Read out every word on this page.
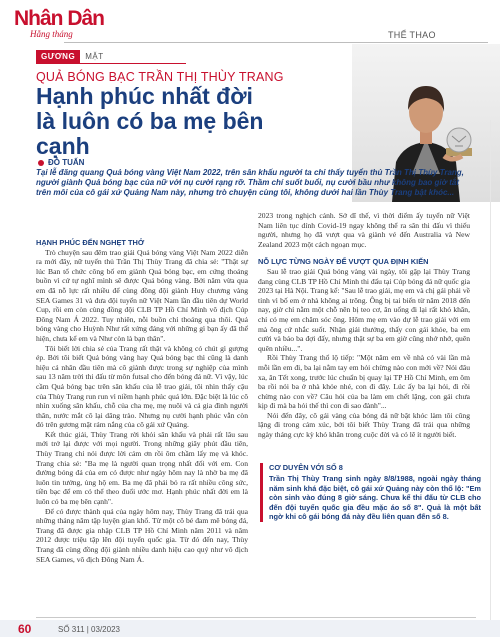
Nhân Dân
Hằng tháng	THỂ THAO
GƯƠNG	MẶT
QUẢ BÓNG BẠC TRẦN THỊ THÙY TRANG
Hạnh phúc nhất đời
là luôn có ba mẹ bên cạnh
ĐỖ TUẤN
Tại lễ đăng quang Quả bóng vàng Việt Nam 2022, trên sân khấu người ta chỉ thấy tuyển thủ Trần Thị Thùy Trang, người giành Quả bóng bạc của nữ với nụ cười rạng rỡ. Thầm chí suốt buổi, nụ cười bầu như không bao giờ tắt trên môi của cô gái xứ Quảng Nam này, nhưng trò chuyện cùng tôi, không dưới hai lần Thùy Trang bật khóc...

HẠNH PHÚC ĐẾN NGHẸT THỞ

Trò chuyện sau đêm trao giải Quả bóng vàng Việt Nam 2022 diễn ra mới đây, nữ tuyển thủ Trần Thị Thùy Trang đã chia sẻ: "Thật sự lúc Ban tổ chức công bố em giành Quả bóng bạc, em cứng thoảng buồn vì cứ tự nghĩ mình sẽ được Quả bóng vàng. Bởi năm vừa qua em đã nỗ lực rất nhiều để cùng đồng đội giành Huy chương vàng SEA Games 31 và đưa đội tuyển nữ Việt Nam lần đầu tiên dự World Cup, rồi em còn cùng đồng đội CLB TP Hồ Chí Minh vô địch Cúp Đông Nam Á 2022. Tuy nhiên, nỗi buồn chỉ thoáng qua thôi. Quả bóng vàng cho Huỳnh Như rất xứng đáng với những gì bạn ấy đã thể hiện, chưa kể em và Như còn là bạn thân".

Tôi biết lời chia sẻ của Trang rất thật và không có chút gì gượng ép. Bởi tôi biết Quả bóng vàng hay Quả bóng bạc thì cũng là danh hiệu cá nhân đầu tiên mà cô giành được trong sự nghiệp của mình sau 13 năm trời thi đấu từ môn futsal cho đến bóng đá nữ. Vì vậy, lúc cầm Quả bóng bạc trên sân khấu của lễ trao giải, tôi nhìn thấy cậu của Thùy Trang run run vì niềm hạnh phúc quá lớn. Đặc biệt là lúc cô nhìn xuống sân khấu, chỗ của cha mẹ, mẹ nuôi và cả gia đình người thân, nước mắt cô lại dâng trào. Nhưng nụ cười hạnh phúc vẫn còn đó trên gương mặt rám nắng của cô gái xứ Quảng.

Kết thúc giải, Thùy Trang rời khỏi sân khấu và phải rất lâu sau mới trở lại được với mọi người. Trong những giây phút đầu tiên, Thùy Trang chỉ nói được lời cảm ơn rồi ôm chầm lấy mẹ và khóc. Trang chia sẻ: "Ba mẹ là người quan trọng nhất đối với em. Con đường bóng đá của em có được như ngày hôm nay là nhờ ba mẹ đã luôn tin tưởng, ủng hộ em. Ba mẹ đã phải bỏ ra rất nhiều công sức, tiền bạc để em có thể theo đuổi ước mơ. Hạnh phúc nhất đời em là luôn có ba mẹ bên cạnh".

Để có được thành quả của ngày hôm nay, Thùy Trang đã trải qua những tháng năm tập luyện gian khổ. Từ một cô bé đam mê bóng đá, Trang đã được gia nhập CLB TP Hồ Chí Minh năm 2011 và năm 2012 được triệu tập lên đội tuyển quốc gia. Từ đó đến nay, Thùy Trang đã cùng đồng đội giành nhiều danh hiệu cao quý như vô địch SEA Games, vô địch Đông Nam Á.

2023 trong nghịch cảnh. Sở dĩ thế, vì thời điểm ấy tuyển nữ Việt Nam liên tục dính Covid-19 ngay không thể ra sân thi đấu vì thiếu người, nhưng họ đã vượt qua và giành vé đến Australia và New Zealand 2023 một cách ngoạn mục.

NỖ LỰC TỪNG NGÀY ĐỂ VƯỢT QUA ĐỊNH KIẾN

Sau lễ trao giải Quả bóng vàng vài ngày, tôi gặp lại Thùy Trang đang cùng CLB TP Hồ Chí Minh thi đấu tại Cúp bóng đá nữ quốc gia 2023 tại Hà Nội. Trang kể: "Sau lễ trao giải, mẹ em và chị gái phải về tỉnh vì bố em ở nhà không ai trông. Ông bị tai biến từ năm 2018 đến nay, giờ chỉ nằm một chỗ nên bị teo cơ, ăn uống đi lại rất khó khăn, chỉ có mẹ em chăm sóc ông. Hôm mẹ em vào dự lễ trao giải với em mà ông cứ nhắc suốt. Nhận giải thưởng, thấy con gái khỏe, ba em cười và bảo ba đợi đấy, nhưng thật sự ba em giờ cũng nhớ nhớ, quên quên nhiều...".

Rồi Thùy Trang thổ lộ tiếp: "Một năm em về nhà có vài lần mà mỗi lần em đi, ba lại nằm tay em hỏi chừng nào con mới về? Nói đâu xa, ăn Tết xong, trước lúc chuẩn bị quay lại TP Hồ Chí Minh, em ôm ba rồi nói ba ở nhà khỏe nhé, con đi đây. Lúc ấy ba lại hỏi, đi rồi chừng nào con về? Câu hỏi của ba làm em chết lặng, con gái chưa kịp đi mà ba hỏi thế thì con đi sao đành"...

Nói đến đây, cô gái vàng của bóng đá nữ bật khóc làm tôi cũng lặng đi trong cảm xúc, bởi tôi biết Thùy Trang đã trải qua những ngày tháng cực kỳ khó khăn trong cuộc đời và có lẽ ít người biết.

CƠ DUYÊN VỚI SỐ 8
Trần Thị Thùy Trang sinh ngày 8/8/1988, ngoài ngày tháng năm sinh khá đặc biệt, cô gái xứ Quảng này còn thổ lộ: "Em còn sinh vào đúng 8 giờ sáng. Chưa kể thi đấu từ CLB cho đến đội tuyển quốc gia đều mặc áo số 8". Quả là một bất ngờ khi cô gái bóng đá này đều liên quan đến số 8.
60	SỐ 311 | 03/2023
